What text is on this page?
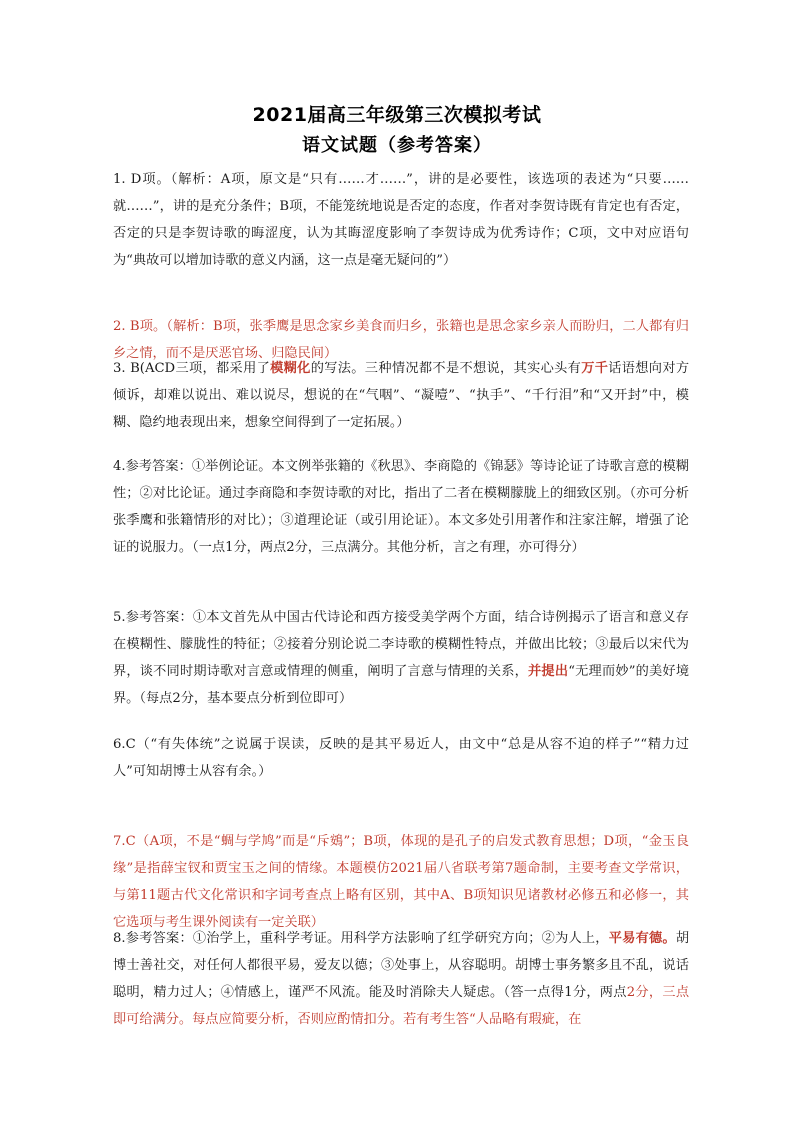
2021届高三年级第三次模拟考试
语文试题（参考答案）
1. D项。（解析：A项，原文是“只有……才……”，讲的是必要性，该选项的表述为“只要……就……”，讲的是充分条件；B项，不能笼统地说是否定的态度，作者对李贺诗既有肯定也有否定，否定的只是李贺诗歌的晦涩度，认为其晦涩度影响了李贺诗成为优秀诗作；C项，文中对应语句为“典故可以增加诗歌的意义内涵，这一点是毫无疑问的”）
2. B项。（解析：B项，张季鹰是思念家乡美食而归乡，张籍也是思念家乡亲人而盼归，二人都有归乡之情，而不是厌恶官场、归隐民间）
3. B(ACD三项，都采用了模糊化的写法。三种情况都不是不想说，其实心头有万千话语想向对方倾诉，却难以说出、难以说尽，想说的在“气咽”、“凝噎”、“执手”、“千行泪”和“又开封”中，模糊、隐约地表现出来，想象空间得到了一定拓展。）
4.参考答案：①举例论证。本文例举张籍的《秋思》、李商隐的《锦瑟》等诗论证了诗歌言意的模糊性；②对比论证。通过李商隐和李贺诗歌的对比，指出了二者在模糊朦胧上的细致区别。（亦可分析张季鹰和张籍情形的对比）；③道理论证（或引用论证）。本文多处引用著作和注家注解，增强了论证的说服力。（一点1分，两点2分，三点满分。其他分析，言之有理，亦可得分）
5.参考答案：①本文首先从中国古代诗论和西方接受美学两个方面，结合诗例揭示了语言和意义存在模糊性、朦胧性的特征；②接着分别论说二李诗歌的模糊性特点，并做出比较；③最后以宋代为界，谈不同时期诗歌对言意或情理的侧重，阐明了言意与情理的关系，并提出“无理而妙”的美好境界。（每点2分，基本要点分析到位即可）
6.C（“有失体统”之说属于误读，反映的是其平易近人，由文中“总是从容不迫的样子”“精力过人”可知胡博士从容有余。）
7.C（A项，不是“蜩与学鸠”而是“斥鴳”；B项，体现的是孔子的启发式教育思想；D项，“金玉良缘”是指薛宝钗和贾宝玉之间的情缘。本题模仿2021届八省联考第7题命制，主要考查文学常识，与第11题古代文化常识和字词考查点上略有区别，其中A、B项知识见诸教材必修五和必修一，其它选项与考生课外阅读有一定关联）
8.参考答案：①治学上，重科学考证。用科学方法影响了红学研究方向；②为人上，平易有德。胡博士善社交，对任何人都很平易，爱友以德；③处事上，从容聪明。胡博士事务繁多且不乱，说话聪明，精力过人；④情感上，谨严不风流。能及时消除夫人疑虑。（答一点得1分，两点2分，三点即可给满分。每点应简要分析，否则应酌情扣分。若有考生答“人品略有瑕疵，在
